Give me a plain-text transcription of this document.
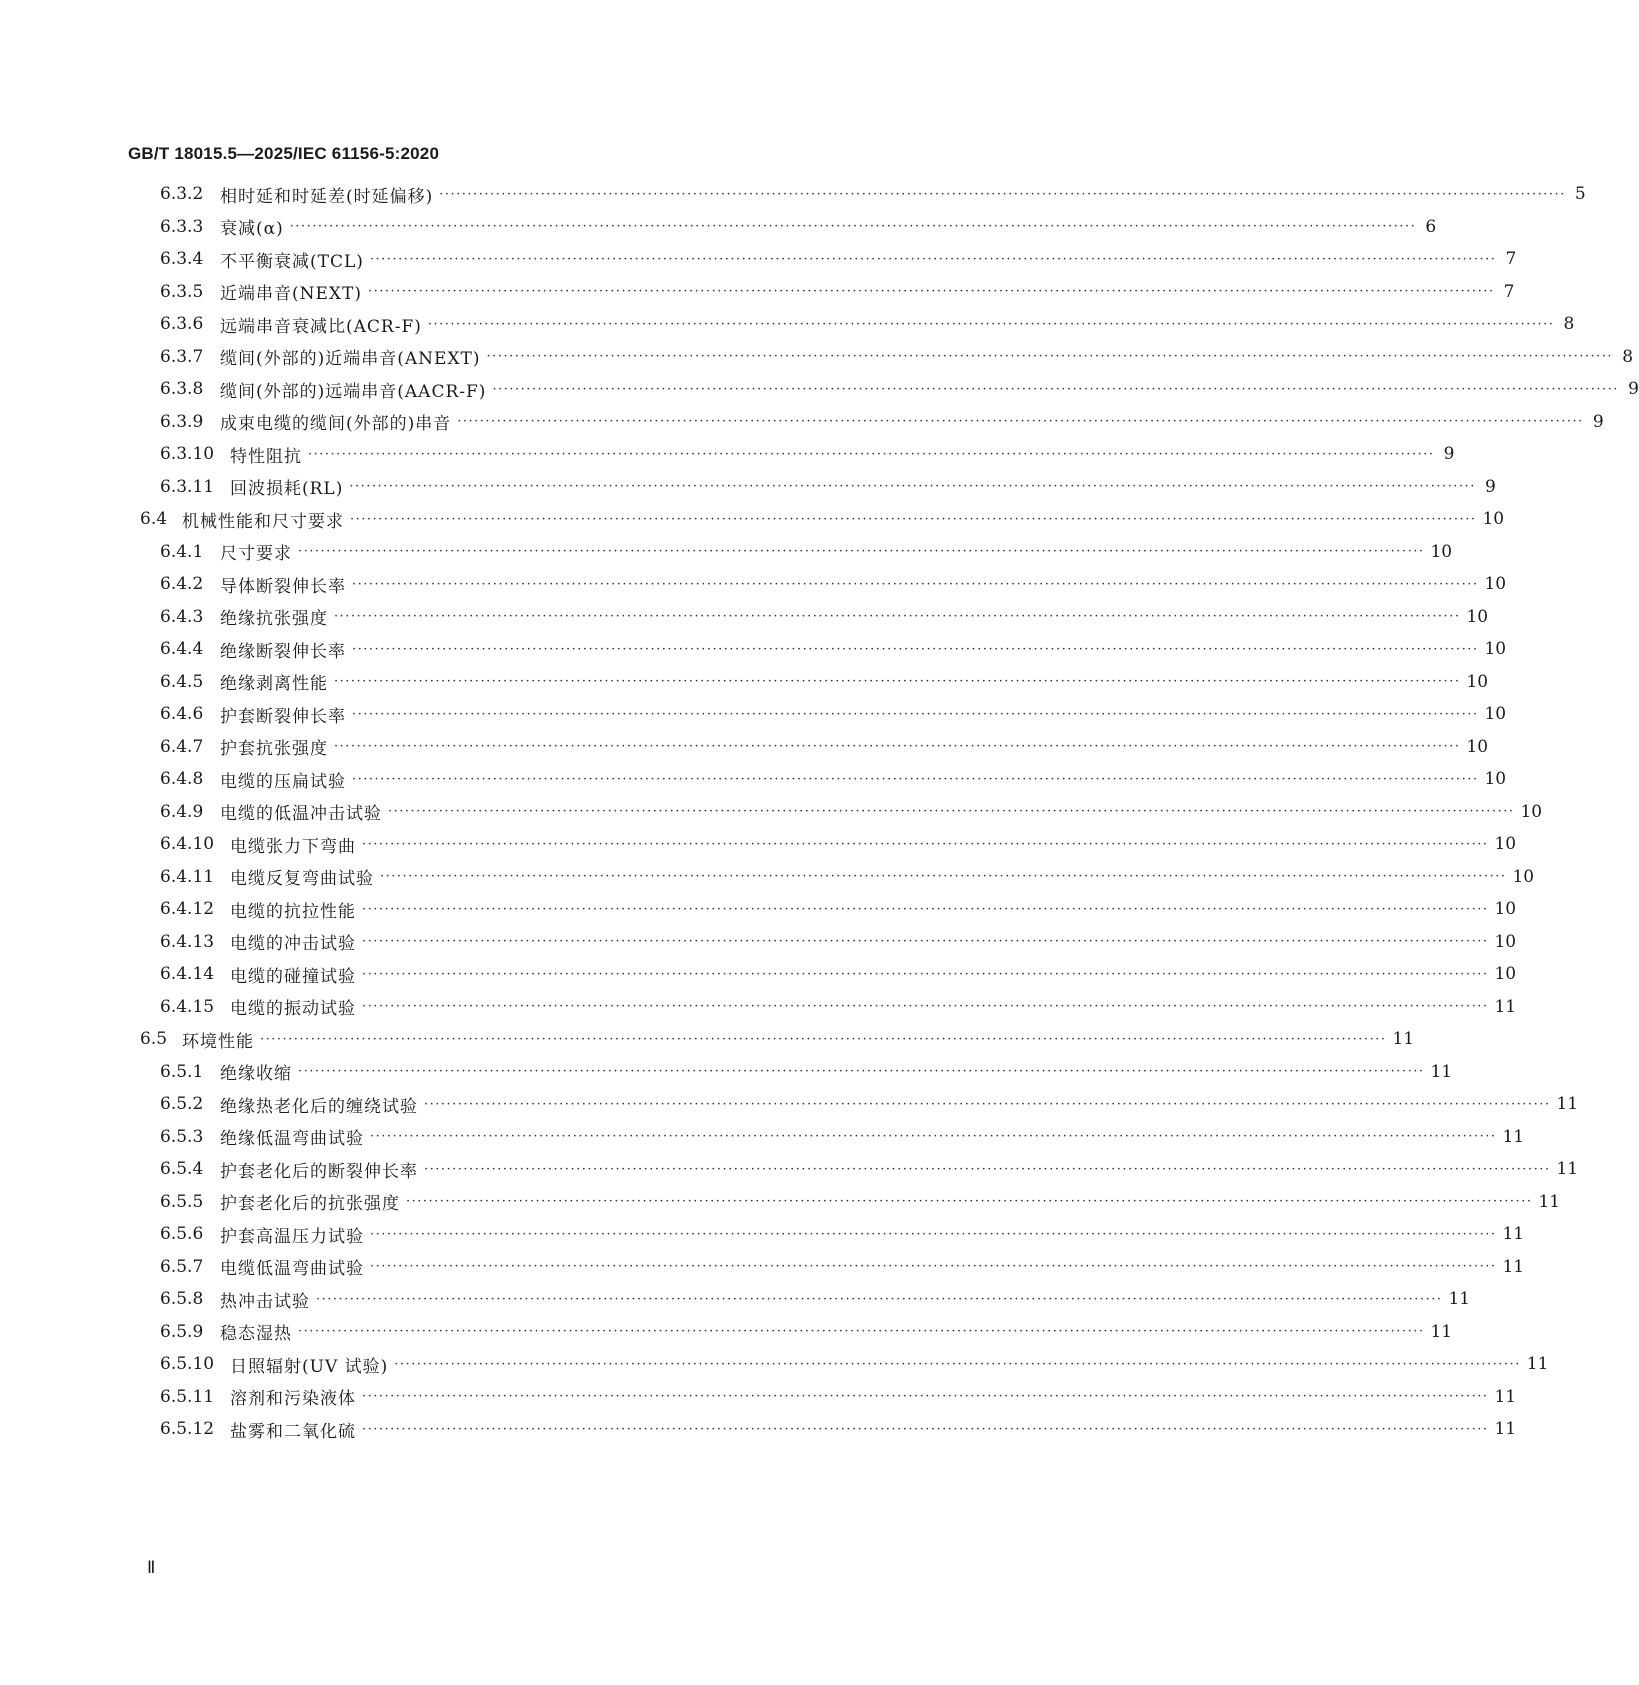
GB/T 18015.5—2025/IEC 61156-5:2020
6.3.2 相时延和时延差(时延偏移) ········································································································································································································ 5
6.3.3 衰减(α) ········································································································································································································ 6
6.3.4 不平衡衰减(TCL) ········································································································································································································ 7
6.3.5 近端串音(NEXT) ········································································································································································································ 7
6.3.6 远端串音衰减比(ACR-F) ········································································································································································································ 8
6.3.7 缆间(外部的)近端串音(ANEXT) ········································································································································································································ 8
6.3.8 缆间(外部的)远端串音(AACR-F) ········································································································································································································ 9
6.3.9 成束电缆的缆间(外部的)串音 ········································································································································································································ 9
6.3.10 特性阻抗 ········································································································································································································ 9
6.3.11 回波损耗(RL) ········································································································································································································ 9
6.4 机械性能和尺寸要求 ········································································································································································································ 10
6.4.1 尺寸要求 ········································································································································································································ 10
6.4.2 导体断裂伸长率 ········································································································································································································ 10
6.4.3 绝缘抗张强度 ········································································································································································································ 10
6.4.4 绝缘断裂伸长率 ········································································································································································································ 10
6.4.5 绝缘剥离性能 ········································································································································································································ 10
6.4.6 护套断裂伸长率 ········································································································································································································ 10
6.4.7 护套抗张强度 ········································································································································································································ 10
6.4.8 电缆的压扁试验 ········································································································································································································ 10
6.4.9 电缆的低温冲击试验 ········································································································································································································ 10
6.4.10 电缆张力下弯曲 ········································································································································································································ 10
6.4.11 电缆反复弯曲试验 ········································································································································································································ 10
6.4.12 电缆的抗拉性能 ········································································································································································································ 10
6.4.13 电缆的冲击试验 ········································································································································································································ 10
6.4.14 电缆的碰撞试验 ········································································································································································································ 10
6.4.15 电缆的振动试验 ········································································································································································································ 11
6.5 环境性能 ········································································································································································································ 11
6.5.1 绝缘收缩 ········································································································································································································ 11
6.5.2 绝缘热老化后的缠绕试验 ········································································································································································································ 11
6.5.3 绝缘低温弯曲试验 ········································································································································································································ 11
6.5.4 护套老化后的断裂伸长率 ········································································································································································································ 11
6.5.5 护套老化后的抗张强度 ········································································································································································································ 11
6.5.6 护套高温压力试验 ········································································································································································································ 11
6.5.7 电缆低温弯曲试验 ········································································································································································································ 11
6.5.8 热冲击试验 ········································································································································································································ 11
6.5.9 稳态湿热 ········································································································································································································ 11
6.5.10 日照辐射(UV 试验) ········································································································································································································ 11
6.5.11 溶剂和污染液体 ········································································································································································································ 11
6.5.12 盐雾和二氧化硫 ········································································································································································································ 11
Ⅱ
